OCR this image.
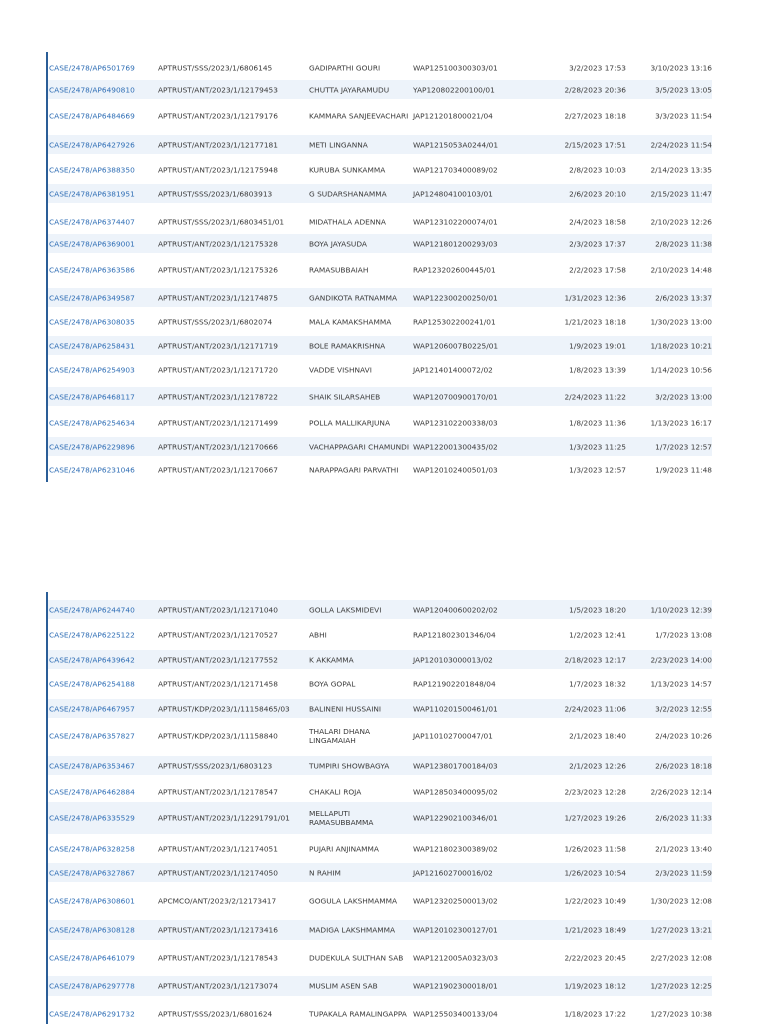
CASE/2478/AP6501769	APTRUST/SSS/2023/1/6806145	GADIPARTHI GOURI	WAP125100300303/01	3/2/2023 17:53	3/10/2023 13:16
CASE/2478/AP6490810	APTRUST/ANT/2023/1/12179453	CHUTTA JAYARAMUDU	YAP120802200100/01	2/28/2023 20:36	3/5/2023 13:05
CASE/2478/AP6484669	APTRUST/ANT/2023/1/12179176	KAMMARA SANJEEVACHARI JAP121201800021/04	2/27/2023 18:18	3/3/2023 11:54
CASE/2478/AP6427926	APTRUST/ANT/2023/1/12177181	METI LINGANNA	WAP1215053A0244/01	2/15/2023 17:51	2/24/2023 11:54
CASE/2478/AP6388350	APTRUST/ANT/2023/1/12175948	KURUBA SUNKAMMA	WAP121703400089/02	2/8/2023 10:03	2/14/2023 13:35
CASE/2478/AP6381951	APTRUST/SSS/2023/1/6803913	G SUDARSHANAMMA	JAP124804100103/01	2/6/2023 20:10	2/15/2023 11:47
CASE/2478/AP6374407	APTRUST/SSS/2023/1/6803451/01	MIDATHALA ADENNA	WAP123102200074/01	2/4/2023 18:58	2/10/2023 12:26
CASE/2478/AP6369001	APTRUST/ANT/2023/1/12175328	BOYA JAYASUDA	WAP121801200293/03	2/3/2023 17:37	2/8/2023 11:38
CASE/2478/AP6363586	APTRUST/ANT/2023/1/12175326	RAMASUBBAIAH	RAP123202600445/01	2/2/2023 17:58	2/10/2023 14:48
CASE/2478/AP6349587	APTRUST/ANT/2023/1/12174875	GANDIKOTA RATNAMMA	WAP122300200250/01	1/31/2023 12:36	2/6/2023 13:37
CASE/2478/AP6308035	APTRUST/SSS/2023/1/6802074	MALA KAMAKSHAMMA	RAP125302200241/01	1/21/2023 18:18	1/30/2023 13:00
CASE/2478/AP6258431	APTRUST/ANT/2023/1/12171719	BOLE RAMAKRISHNA	WAP1206007B0225/01	1/9/2023 19:01	1/18/2023 10:21
CASE/2478/AP6254903	APTRUST/ANT/2023/1/12171720	VADDE VISHNAVI	JAP121401400072/02	1/8/2023 13:39	1/14/2023 10:56
CASE/2478/AP6468117	APTRUST/ANT/2023/1/12178722	SHAIK SILARSAHEB	WAP120700900170/01	2/24/2023 11:22	3/2/2023 13:00
CASE/2478/AP6254634	APTRUST/ANT/2023/1/12171499	POLLA MALLIKARJUNA	WAP123102200338/03	1/8/2023 11:36	1/13/2023 16:17
CASE/2478/AP6229896	APTRUST/ANT/2023/1/12170666	VACHAPPAGARI CHAMUNDI WAP122001300435/02	1/3/2023 11:25	1/7/2023 12:57
CASE/2478/AP6231046	APTRUST/ANT/2023/1/12170667	NARAPPAGARI PARVATHI	WAP120102400501/03	1/3/2023 12:57	1/9/2023 11:48
CASE/2478/AP6244740	APTRUST/ANT/2023/1/12171040	GOLLA LAKSMIDEVI	WAP120400600202/02	1/5/2023 18:20	1/10/2023 12:39
CASE/2478/AP6225122	APTRUST/ANT/2023/1/12170527	ABHI	RAP121802301346/04	1/2/2023 12:41	1/7/2023 13:08
CASE/2478/AP6439642	APTRUST/ANT/2023/1/12177552	K AKKAMMA	JAP120103000013/02	2/18/2023 12:17	2/23/2023 14:00
CASE/2478/AP6254188	APTRUST/ANT/2023/1/12171458	BOYA GOPAL	RAP121902201848/04	1/7/2023 18:32	1/13/2023 14:57
CASE/2478/AP6467957	APTRUST/KDP/2023/1/11158465/03	BALINENI HUSSAINI	WAP110201500461/01	2/24/2023 11:06	3/2/2023 12:55
CASE/2478/AP6357827	APTRUST/KDP/2023/1/11158840	THALARI DHANA LINGAMAIAH	JAP110102700047/01	2/1/2023 18:40	2/4/2023 10:26
CASE/2478/AP6353467	APTRUST/SSS/2023/1/6803123	TUMPIRI SHOWBAGYA	WAP123801700184/03	2/1/2023 12:26	2/6/2023 18:18
CASE/2478/AP6462884	APTRUST/ANT/2023/1/12178547	CHAKALI ROJA	WAP128503400095/02	2/23/2023 12:28	2/26/2023 12:14
CASE/2478/AP6335529	APTRUST/ANT/2023/1/12291791/01	MELLAPUTI RAMASUBBAMMA	WAP122902100346/01	1/27/2023 19:26	2/6/2023 11:33
CASE/2478/AP6328258	APTRUST/ANT/2023/1/12174051	PUJARI ANJINAMMA	WAP121802300389/02	1/26/2023 11:58	2/1/2023 13:40
CASE/2478/AP6327867	APTRUST/ANT/2023/1/12174050	N RAHIM	JAP121602700016/02	1/26/2023 10:54	2/3/2023 11:59
CASE/2478/AP6308601	APCMCO/ANT/2023/2/12173417	GOGULA LAKSHMAMMA	WAP123202500013/02	1/22/2023 10:49	1/30/2023 12:08
CASE/2478/AP6308128	APTRUST/ANT/2023/1/12173416	MADIGA LAKSHMAMMA	WAP120102300127/01	1/21/2023 18:49	1/27/2023 13:21
CASE/2478/AP6461079	APTRUST/ANT/2023/1/12178543	DUDEKULA SULTHAN SAB	WAP1212005A0323/03	2/22/2023 20:45	2/27/2023 12:08
CASE/2478/AP6297778	APTRUST/ANT/2023/1/12173074	MUSLIM ASEN SAB	WAP121902300018/01	1/19/2023 18:12	1/27/2023 12:25
CASE/2478/AP6291732	APTRUST/SSS/2023/1/6801624	TUPAKALA RAMALINGAPPA WAP125503400133/04	1/18/2023 17:22	1/27/2023 10:38
